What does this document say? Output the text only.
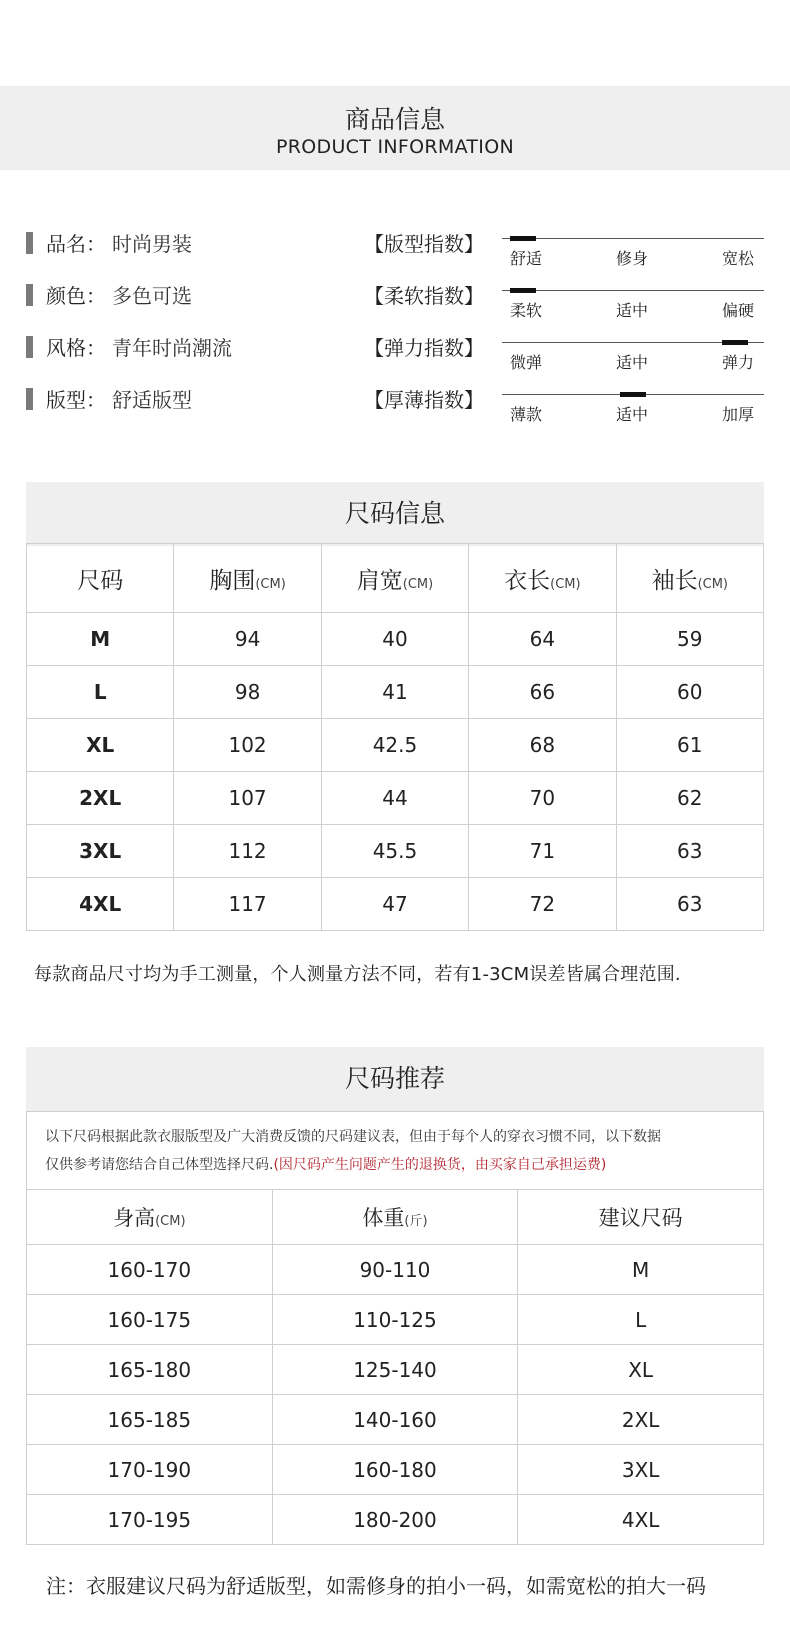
商品信息
PRODUCT INFORMATION
品名： 时尚男装
颜色： 多色可选
风格： 青年时尚潮流
版型： 舒适版型
【版型指数】
舒适	修身	宽松
【柔软指数】
柔软	适中	偏硬
【弹力指数】
微弹	适中	弹力
【厚薄指数】
薄款	适中	加厚
尺码信息
尺码	胸围(CM)	肩宽(CM)	衣长(CM)	袖长(CM)
M	94	40	64	59
L	98	41	66	60
XL	102	42.5	68	61
2XL	107	44	70	62
3XL	112	45.5	71	63
4XL	117	47	72	63
每款商品尺寸均为手工测量，个人测量方法不同，若有1-3CM误差皆属合理范围.
尺码推荐
以下尺码根据此款衣服版型及广大消费反馈的尺码建议表，但由于每个人的穿衣习惯不同，以下数据
仅供参考请您结合自己体型选择尺码.(因尺码产生问题产生的退换货，由买家自己承担运费)
身高(CM)	体重(斤)	建议尺码
160-170	90-110	M
160-175	110-125	L
165-180	125-140	XL
165-185	140-160	2XL
170-190	160-180	3XL
170-195	180-200	4XL
注：衣服建议尺码为舒适版型，如需修身的拍小一码，如需宽松的拍大一码
